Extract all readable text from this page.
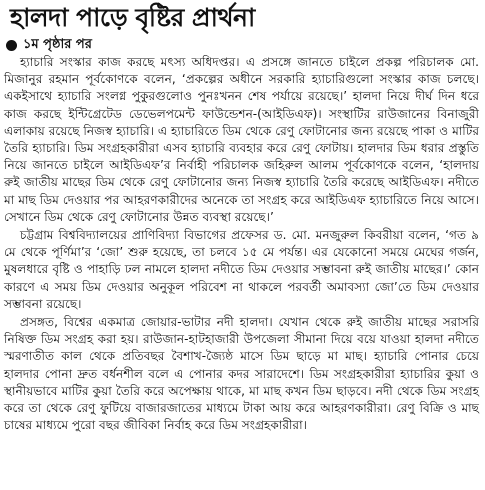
হালদা পাড়ে বৃষ্টির প্রার্থনা
১ম পৃষ্ঠার পর

হ্যাচারি সংস্কার কাজ করছে মৎস্য অধিদপ্তর। এ প্রসঙ্গে জানতে চাইলে প্রকল্প পরিচালক মো. মিজানুর রহমান পূর্বকোণকে বলেন, ‘প্রকল্পের অধীনে সরকারি হ্যাচারিগুলো সংস্কার কাজ চলছে। একইসাথে হ্যাচারি সংলগ্ন পুকুরগুলোও পুনঃখনন শেষ পর্যায়ে রয়েছে।’ হালদা নিয়ে দীর্ঘ দিন ধরে কাজ করছে ইন্টিগ্রেটেড ডেভেলপমেন্ট ফাউন্ডেশন-(আইডিএফ)। সংস্থাটির রাউজানের বিনাজুরী এলাকায় রয়েছে নিজস্ব হ্যাচারি। এ হ্যাচারিতে ডিম থেকে রেণু ফোটানোর জন্য রয়েছে পাকা ও মাটির তৈরি হ্যাচারি। ডিম সংগ্রহকারীরা এসব হ্যাচারি ব্যবহার করে রেণু ফোটায়। হালদার ডিম ধরার প্রস্তুতি নিয়ে জানতে চাইলে আইডিএফ’র নির্বাহী পরিচালক জহিরুল আলম পূর্বকোণকে বলেন, ‘হালদায় রুই জাতীয় মাছের ডিম থেকে রেণু ফোটানোর জন্য নিজস্ব হ্যাচারি তৈরি করেছে আইডিএফ। নদীতে মা মাছ ডিম দেওয়ার পর আহরণকারীদের অনেকে তা সংগ্রহ করে আইডিএফ হ্যাচারিতে নিয়ে আসে। সেখানে ডিম থেকে রেণু ফোটানোর উন্নত ব্যবস্থা রয়েছে।’

চট্টগ্রাম বিশ্ববিদ্যালয়ের প্রাণিবিদ্যা বিভাগের প্রফেসর ড. মো. মনজুরুল কিবরীয়া বলেন, ‘গত ৯ মে থেকে পূর্ণিমা’র ‘জো’ শুরু হয়েছে, তা চলবে ১৫ মে পর্যন্ত। এর যেকোনো সময়ে মেঘের গর্জন, মুষলধারে বৃষ্টি ও পাহাড়ি ঢল নামলে হালদা নদীতে ডিম দেওয়ার সম্ভাবনা রুই জাতীয় মাছের।’ কোন কারণে এ সময় ডিম দেওয়ার অনুকূল পরিবেশ না থাকলে পরবর্তী অমাবস্যা জো’তে ডিম দেওয়ার সম্ভাবনা রয়েছে।

প্রসঙ্গত, বিশ্বের একমাত্র জোয়ার-ভাটার নদী হালদা। যেখান থেকে রুই জাতীয় মাছের সরাসরি নিষিক্ত ডিম সংগ্রহ করা হয়। রাউজান-হাটহাজারী উপজেলা সীমানা দিয়ে বয়ে যাওয়া হালদা নদীতে স্মরণাতীত কাল থেকে প্রতিবছর বৈশাখ-জ্যৈষ্ঠ মাসে ডিম ছাড়ে মা মাছ। হ্যাচারি পোনার চেয়ে হালদার পোনা দ্রুত বর্ধনশীল বলে এ পোনার কদর সারাদেশে। ডিম সংগ্রহকারীরা হ্যাচারির কুয়া ও স্থানীয়ভাবে মাটির কুয়া তৈরি করে অপেক্ষায় থাকে, মা মাছ কখন ডিম ছাড়বে। নদী থেকে ডিম সংগ্রহ করে তা থেকে রেণু ফুটিয়ে বাজারজাতের মাধ্যমে টাকা আয় করে আহরণকারীরা। রেণু বিক্রি ও মাছ চাষের মাধ্যমে পুরো বছর জীবিকা নির্বাহ করে ডিম সংগ্রহকারীরা।
